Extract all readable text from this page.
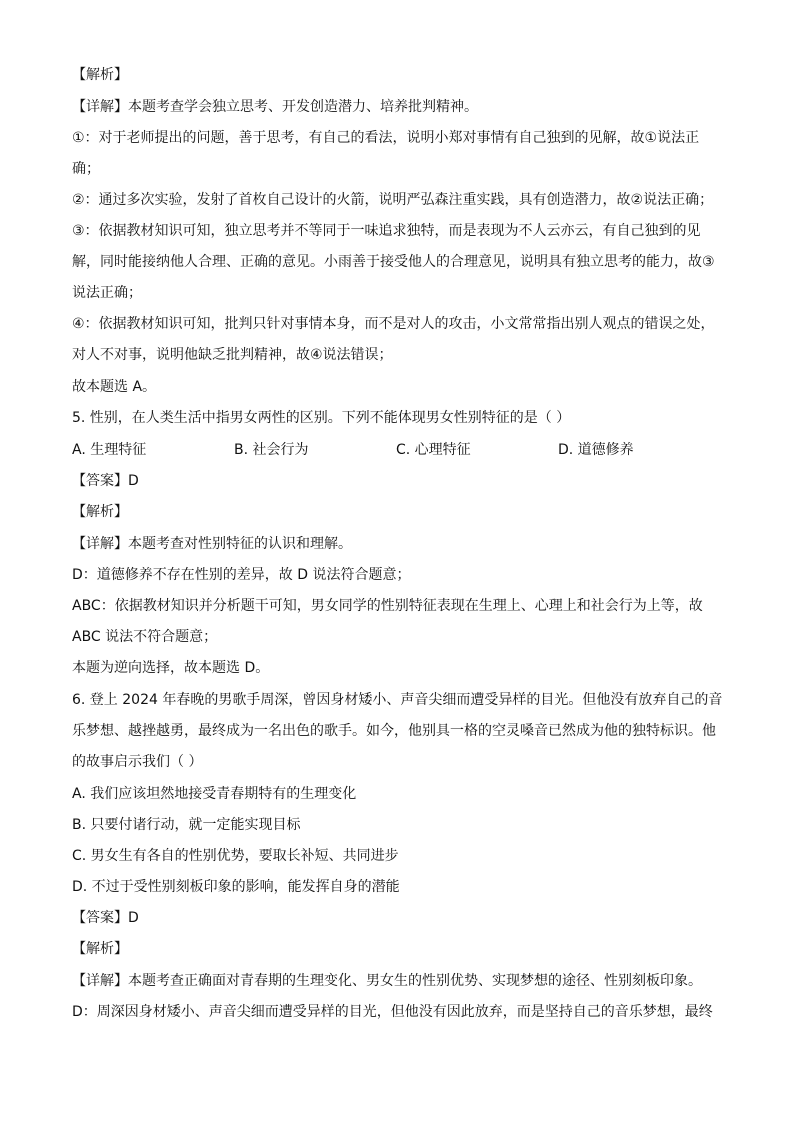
【解析】
【详解】本题考查学会独立思考、开发创造潜力、培养批判精神。
①：对于老师提出的问题，善于思考，有自己的看法，说明小郑对事情有自己独到的见解，故①说法正
确；
②：通过多次实验，发射了首枚自己设计的火箭，说明严弘森注重实践，具有创造潜力，故②说法正确；
③：依据教材知识可知，独立思考并不等同于一味追求独特，而是表现为不人云亦云，有自己独到的见
解，同时能接纳他人合理、正确的意见。小雨善于接受他人的合理意见，说明具有独立思考的能力，故③
说法正确；
④：依据教材知识可知，批判只针对事情本身，而不是对人的攻击，小文常常指出别人观点的错误之处，
对人不对事，说明他缺乏批判精神，故④说法错误；
故本题选 A。
5. 性别，在人类生活中指男女两性的区别。下列不能体现男女性别特征的是（ ）
A. 生理特征	B. 社会行为	C. 心理特征	D. 道德修养
【答案】D
【解析】
【详解】本题考查对性别特征的认识和理解。
D：道德修养不存在性别的差异，故 D 说法符合题意；
ABC：依据教材知识并分析题干可知，男女同学的性别特征表现在生理上、心理上和社会行为上等，故
ABC 说法不符合题意；
本题为逆向选择，故本题选 D。
6. 登上 2024 年春晚的男歌手周深，曾因身材矮小、声音尖细而遭受异样的目光。但他没有放弃自己的音
乐梦想、越挫越勇，最终成为一名出色的歌手。如今，他别具一格的空灵嗓音已然成为他的独特标识。他
的故事启示我们（ ）
A. 我们应该坦然地接受青春期特有的生理变化
B. 只要付诸行动，就一定能实现目标
C. 男女生有各自的性别优势，要取长补短、共同进步
D. 不过于受性别刻板印象的影响，能发挥自身的潜能
【答案】D
【解析】
【详解】本题考查正确面对青春期的生理变化、男女生的性别优势、实现梦想的途径、性别刻板印象。
D：周深因身材矮小、声音尖细而遭受异样的目光，但他没有因此放弃，而是坚持自己的音乐梦想，最终
